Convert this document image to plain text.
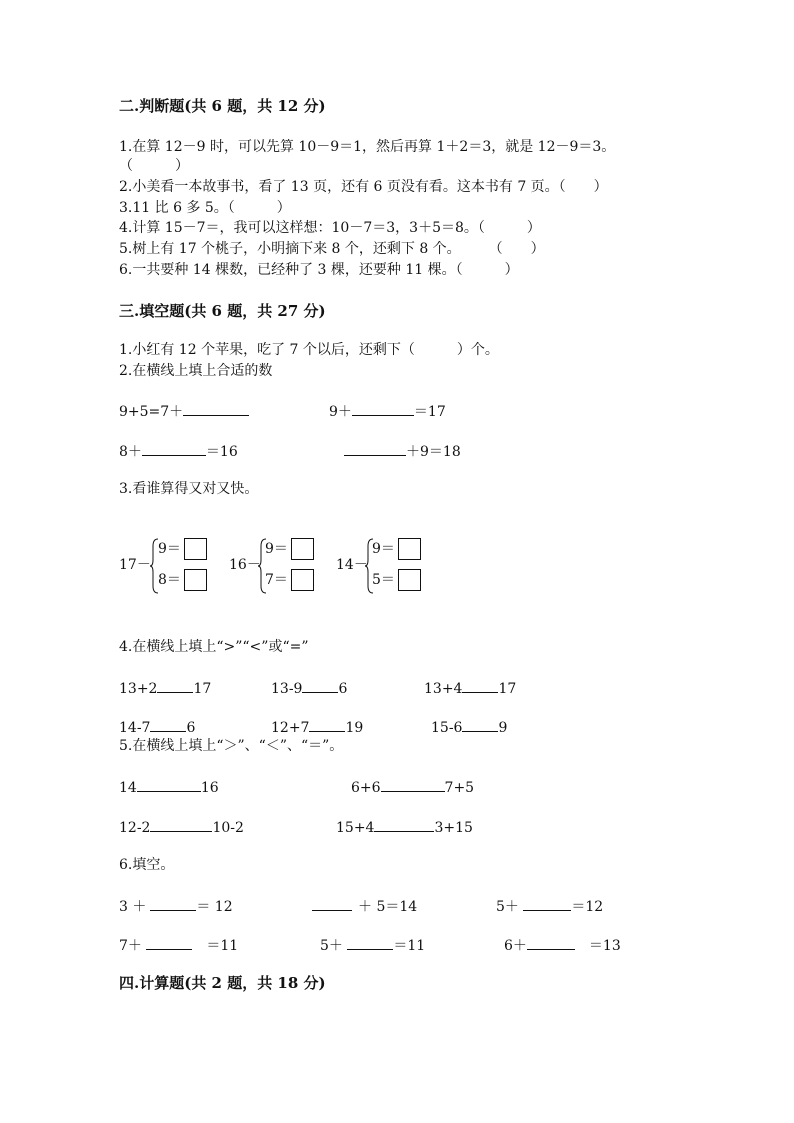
二.判断题(共 6 题，共 12 分)
1.在算 12－9 时，可以先算 10－9＝1，然后再算 1＋2＝3，就是 12－9＝3。
（　　　）
2.小美看一本故事书，看了 13 页，还有 6 页没有看。这本书有 7 页。（　　）
3.11 比 6 多 5。（　　　）
4.计算 15－7＝，我可以这样想：10－7＝3，3＋5＝8。（　　　）
5.树上有 17 个桃子，小明摘下来 8 个，还剩下 8 个。　　　（　　）
6.一共要种 14 棵数，已经种了 3 棵，还要种 11 棵。（　　　）
三.填空题(共 6 题，共 27 分)
1.小红有 12 个苹果，吃了 7 个以后，还剩下（　　　）个。
2.在横线上填上合适的数
9+5=7＋	9＋	＝17
8＋	＝16	＋9＝18
3.看谁算得又对又快。
17－
9＝
8＝
16－
9＝
7＝
14－
9＝
5＝
4.在横线上填上“>”“<”或“=”
13+2	17	13-9	6	13+4	17
14-7	6	12+7	19	15-6	9
5.在横线上填上“＞”、“＜”、“＝”。
14	16	6+6	7+5
12-2	10-2	15+4	3+15
6.填空。
3 ＋	＝ 12	＋ 5＝14	5＋	＝12
7＋	　＝11	5＋	＝11	6＋	　＝13
四.计算题(共 2 题，共 18 分)
